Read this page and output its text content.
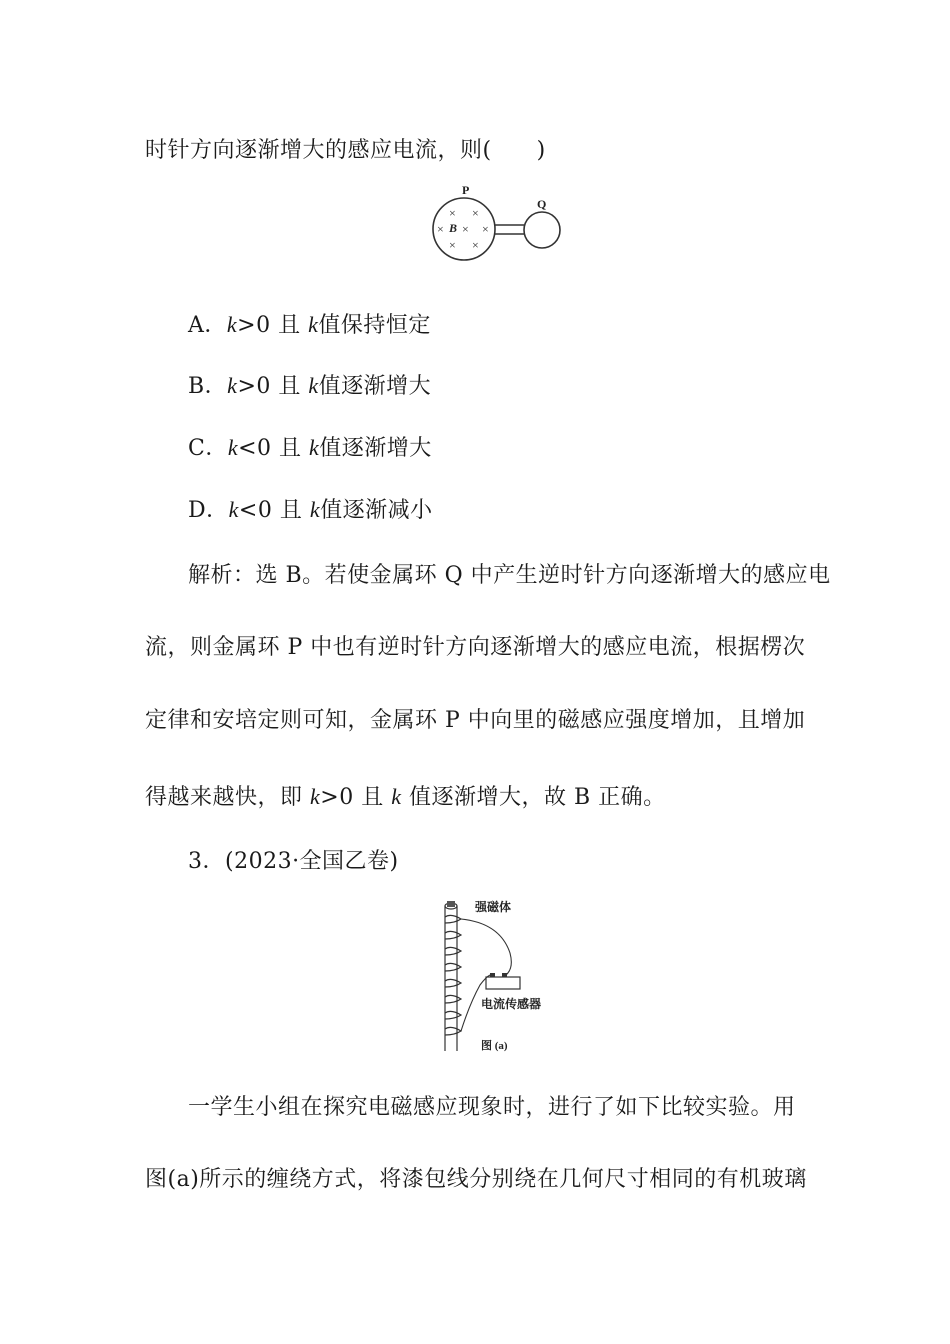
时针方向逐渐增大的感应电流，则(　　)
P
Q
× ×
× × ×
× ×
B
A．k>0 且 k值保持恒定
B．k>0 且 k值逐渐增大
C．k<0 且 k值逐渐增大
D．k<0 且 k值逐渐减小
解析：选 B。若使金属环 Q 中产生逆时针方向逐渐增大的感应电
流，则金属环 P 中也有逆时针方向逐渐增大的感应电流，根据楞次
定律和安培定则可知，金属环 P 中向里的磁感应强度增加，且增加
得越来越快，即 k>0 且 k 值逐渐增大，故 B 正确。
3．(2023·全国乙卷)
强磁体
电流传感器
图 (a)
一学生小组在探究电磁感应现象时，进行了如下比较实验。用
图(a)所示的缠绕方式，将漆包线分别绕在几何尺寸相同的有机玻璃
